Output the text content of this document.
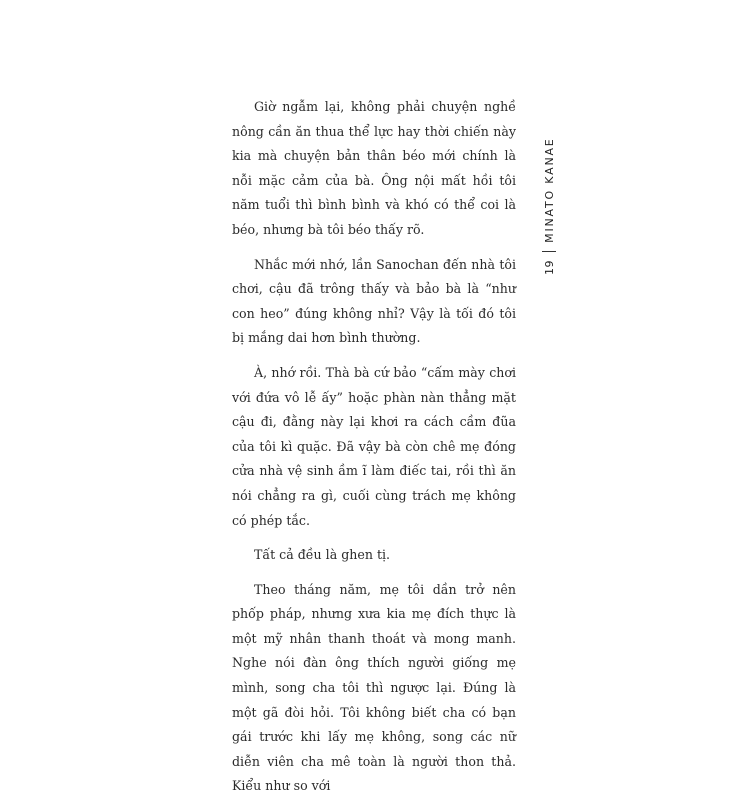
19
MINATO KANAE

Giờ ngẫm lại, không phải chuyện nghề nông cần ăn thua thể lực hay thời chiến này kia mà chuyện bản thân béo mới chính là nỗi mặc cảm của bà. Ông nội mất hồi tôi năm tuổi thì bình bình và khó có thể coi là béo, nhưng bà tôi béo thấy rõ.

Nhắc mới nhớ, lần Sanochan đến nhà tôi chơi, cậu đã trông thấy và bảo bà là “như con heo” đúng không nhỉ? Vậy là tối đó tôi bị mắng dai hơn bình thường.

À, nhớ rồi. Thà bà cứ bảo “cấm mày chơi với đứa vô lễ ấy” hoặc phàn nàn thẳng mặt cậu đi, đằng này lại khơi ra cách cầm đũa của tôi kì quặc. Đã vậy bà còn chê mẹ đóng cửa nhà vệ sinh ầm ĩ làm điếc tai, rồi thì ăn nói chẳng ra gì, cuối cùng trách mẹ không có phép tắc.

Tất cả đều là ghen tị.

Theo tháng năm, mẹ tôi dần trở nên phốp pháp, nhưng xưa kia mẹ đích thực là một mỹ nhân thanh thoát và mong manh. Nghe nói đàn ông thích người giống mẹ mình, song cha tôi thì ngược lại. Đúng là một gã đòi hỏi. Tôi không biết cha có bạn gái trước khi lấy mẹ không, song các nữ diễn viên cha mê toàn là người thon thả. Kiểu như so với
